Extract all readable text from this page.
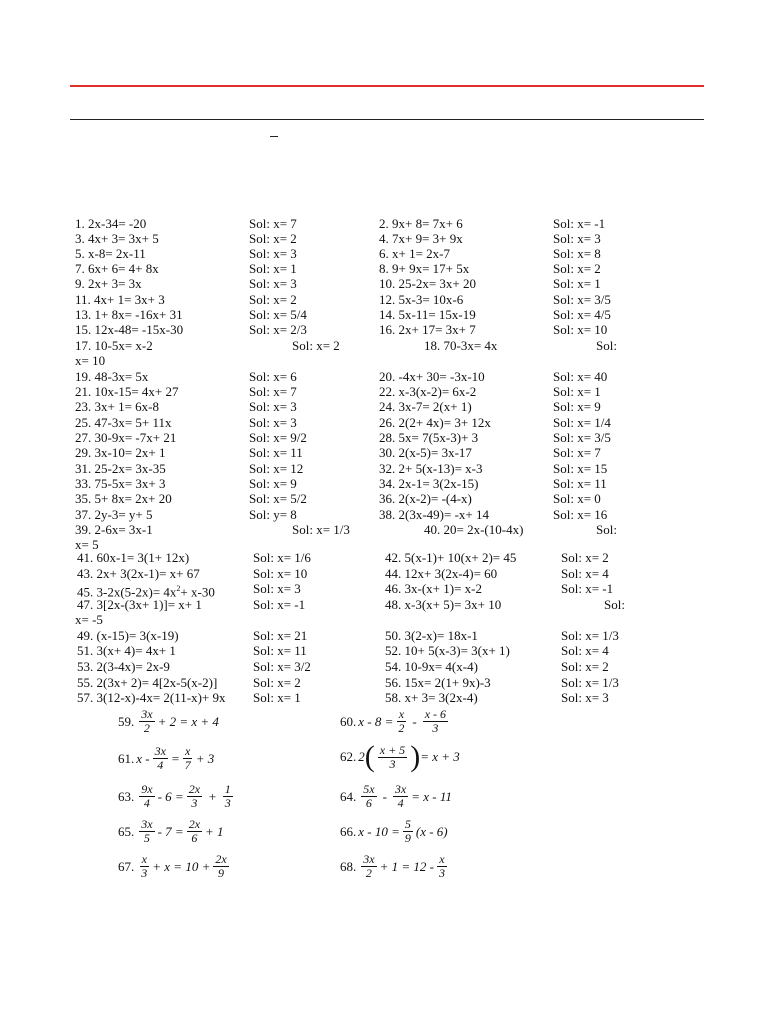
1. 2x-34= -20	Sol: x= 7	2. 9x+ 8= 7x+ 6	Sol: x= -1
3. 4x+ 3= 3x+ 5	Sol: x= 2	4. 7x+ 9= 3+ 9x	Sol: x= 3
5. x-8= 2x-11	Sol: x= 3	6. x+ 1= 2x-7	Sol: x= 8
7. 6x+ 6= 4+ 8x	Sol: x= 1	8. 9+ 9x= 17+ 5x	Sol: x= 2
9. 2x+ 3= 3x	Sol: x= 3	10. 25-2x= 3x+ 20	Sol: x= 1
11. 4x+ 1= 3x+ 3	Sol: x= 2	12. 5x-3= 10x-6	Sol: x= 3/5
13. 1+ 8x= -16x+ 31	Sol: x= 5/4	14. 5x-11= 15x-19	Sol: x= 4/5
15. 12x-48= -15x-30	Sol: x= 2/3	16. 2x+ 17= 3x+ 7	Sol: x= 10
19. 48-3x= 5x	Sol: x= 6	20. -4x+ 30= -3x-10	Sol: x= 40
21. 10x-15= 4x+ 27	Sol: x= 7	22. x-3(x-2)= 6x-2	Sol: x= 1
23. 3x+ 1= 6x-8	Sol: x= 3	24. 3x-7= 2(x+ 1)	Sol: x= 9
25. 47-3x= 5+ 11x	Sol: x= 3	26. 2(2+ 4x)= 3+ 12x	Sol: x= 1/4
27. 30-9x= -7x+ 21	Sol: x= 9/2	28. 5x= 7(5x-3)+ 3	Sol: x= 3/5
29. 3x-10= 2x+ 1	Sol: x= 11	30. 2(x-5)= 3x-17	Sol: x= 7
31. 25-2x= 3x-35	Sol: x= 12	32. 2+ 5(x-13)= x-3	Sol: x= 15
33. 75-5x= 3x+ 3	Sol: x= 9	34. 2x-1= 3(2x-15)	Sol: x= 11
35. 5+ 8x= 2x+ 20	Sol: x= 5/2	36. 2(x-2)= -(4-x)	Sol: x= 0
37. 2y-3= y+ 5	Sol: y= 8	38. 2(3x-49)= -x+ 14	Sol: x= 16
41. 60x-1= 3(1+ 12x)	Sol: x= 1/6	42. 5(x-1)+ 10(x+ 2)= 45	Sol: x= 2
43. 2x+ 3(2x-1)= x+ 67	Sol: x= 10	44. 12x+ 3(2x-4)= 60	Sol: x= 4
49. (x-15)= 3(x-19)	Sol: x= 21	50. 3(2-x)= 18x-1	Sol: x= 1/3
51. 3(x+ 4)= 4x+ 1	Sol: x= 11	52. 10+ 5(x-3)= 3(x+ 1)	Sol: x= 4
53. 2(3-4x)= 2x-9	Sol: x= 3/2	54. 10-9x= 4(x-4)	Sol: x= 2
55. 2(3x+ 2)= 4[2x-5(x-2)]	Sol: x= 2	56. 15x= 2(1+ 9x)-3	Sol: x= 1/3
57. 3(12-x)-4x= 2(11-x)+ 9x Sol: x= 1	58. x+ 3= 3(2x-4)	Sol: x= 3
17. 10-5x= x-2	Sol: x= 2	18. 70-3x= 4x	Sol:
x= 10
39. 2-6x= 3x-1	Sol: x= 1/3	40. 20= 2x-(10-4x)	Sol:
x= 5
45. $3-2x(5-2x)= 4x^2+ x-30$	Sol: x= 3	46. 3x-(x+ 1)= x-2	Sol: x= -1
47. 3[2x-(3x+ 1)]= x+ 1	Sol: x= -1	48. x-3(x+ 5)= 3x+ 10	Sol:
x= -5
59. $\frac{3x}{2} + 2 = x + 4$	60. $x - 8 = \frac{x}{2} - \frac{x - 6}{3}$
61. $x - \frac{3x}{4} = \frac{x}{7} + 3$	62. 2 ( $\frac{x + 5}{3}$ ) = x + 3
63. $\frac{9x}{4} - 6 = \frac{2x}{3} + \frac{1}{3}$	64. $\frac{5x}{6} - \frac{3x}{4} = x - 11$
65. $\frac{3x}{5} - 7 = \frac{2x}{6} + 1$	66. $x - 10 = \frac{5}{9} (x - 6)$
67. $\frac{x}{3} + x = 10 + \frac{2x}{9}$	68. $\frac{3x}{2} + 1 = 12 - \frac{x}{3}$
